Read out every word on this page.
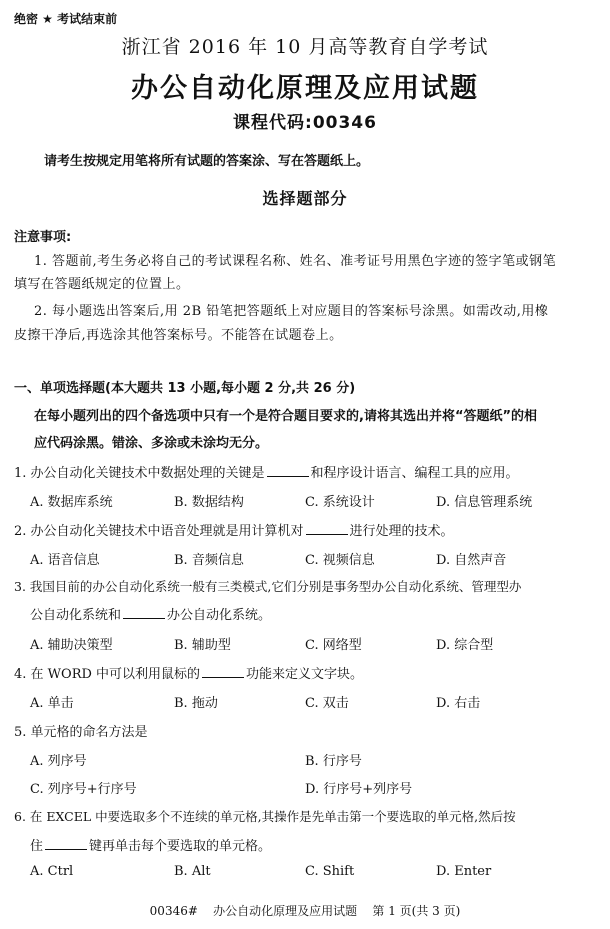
绝密 ★ 考试结束前
浙江省 2016 年 10 月高等教育自学考试
办公自动化原理及应用试题
课程代码:00346
请考生按规定用笔将所有试题的答案涂、写在答题纸上。
选择题部分
注意事项:
1. 答题前,考生务必将自己的考试课程名称、姓名、准考证号用黑色字迹的签字笔或钢笔
填写在答题纸规定的位置上。
2. 每小题选出答案后,用 2B 铅笔把答题纸上对应题目的答案标号涂黑。如需改动,用橡
皮擦干净后,再选涂其他答案标号。不能答在试题卷上。
一、单项选择题(本大题共 13 小题,每小题 2 分,共 26 分)
在每小题列出的四个备选项中只有一个是符合题目要求的,请将其选出并将“答题纸”的相
应代码涂黑。错涂、多涂或未涂均无分。
1. 办公自动化关键技术中数据处理的关键是	和程序设计语言、编程工具的应用。
A. 数据库系统	B. 数据结构	C. 系统设计	D. 信息管理系统
2. 办公自动化关键技术中语音处理就是用计算机对	进行处理的技术。
A. 语音信息	B. 音频信息	C. 视频信息	D. 自然声音
3. 我国目前的办公自动化系统一般有三类模式,它们分别是事务型办公自动化系统、管理型办
公自动化系统和	办公自动化系统。
A. 辅助决策型	B. 辅助型	C. 网络型	D. 综合型
4. 在 WORD 中可以利用鼠标的	功能来定义文字块。
A. 单击	B. 拖动	C. 双击	D. 右击
5. 单元格的命名方法是
A. 列序号	B. 行序号
C. 列序号+行序号	D. 行序号+列序号
6. 在 EXCEL 中要选取多个不连续的单元格,其操作是先单击第一个要选取的单元格,然后按
住	键再单击每个要选取的单元格。
A. Ctrl	B. Alt	C. Shift	D. Enter
00346#    办公自动化原理及应用试题    第 1 页(共 3 页)
